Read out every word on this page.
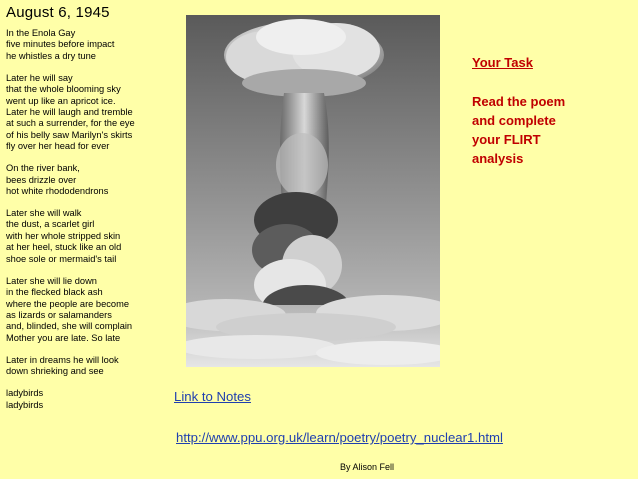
August 6, 1945
In the Enola Gay
five minutes before impact
he whistles a dry tune
Later he will say
that the whole blooming sky
went up like an apricot ice.
Later he will laugh and tremble
at such a surrender, for the eye
of his belly saw Marilyn's skirts
fly over her head for ever
On the river bank,
bees drizzle over
hot white rhododendrons
Later she will walk
the dust, a scarlet girl
with her whole stripped skin
at her heel, stuck like an old
shoe sole or mermaid's tail
Later she will lie down
in the flecked black ash
where the people are become
as lizards or salamanders
and, blinded, she will complain
Mother you are late. So late
Later in dreams he will look
down shrieking and see
ladybirds
ladybirds
Your Task
Read the poem and complete your FLIRT analysis
Link to Notes
http://www.ppu.org.uk/learn/poetry/poetry_nuclear1.html
By Alison Fell
